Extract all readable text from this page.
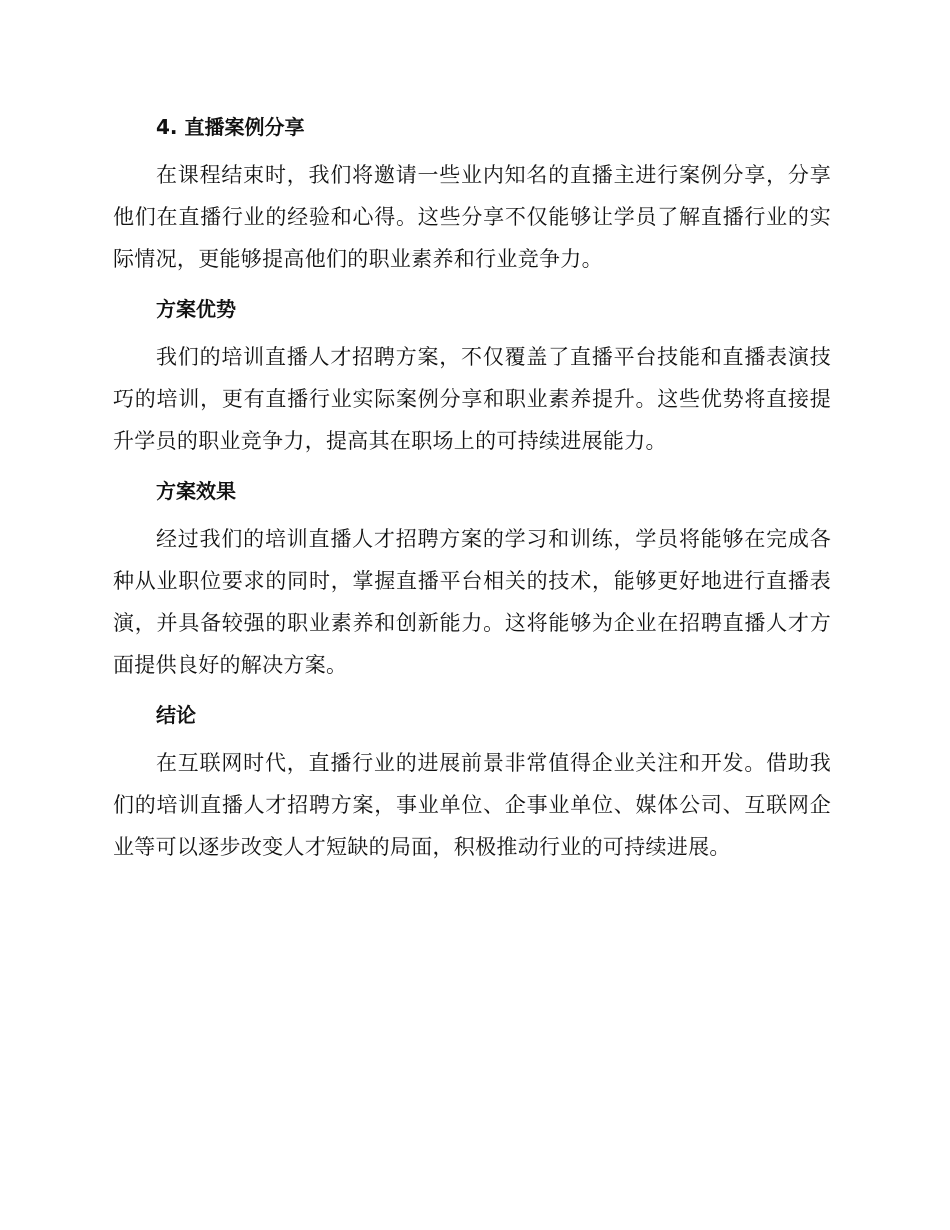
4. 直播案例分享

在课程结束时，我们将邀请一些业内知名的直播主进行案例分享，分享他们在直播行业的经验和心得。这些分享不仅能够让学员了解直播行业的实际情况，更能够提高他们的职业素养和行业竞争力。

方案优势

我们的培训直播人才招聘方案，不仅覆盖了直播平台技能和直播表演技巧的培训，更有直播行业实际案例分享和职业素养提升。这些优势将直接提升学员的职业竞争力，提高其在职场上的可持续进展能力。

方案效果

经过我们的培训直播人才招聘方案的学习和训练，学员将能够在完成各种从业职位要求的同时，掌握直播平台相关的技术，能够更好地进行直播表演，并具备较强的职业素养和创新能力。这将能够为企业在招聘直播人才方面提供良好的解决方案。

结论

在互联网时代，直播行业的进展前景非常值得企业关注和开发。借助我们的培训直播人才招聘方案，事业单位、企事业单位、媒体公司、互联网企业等可以逐步改变人才短缺的局面，积极推动行业的可持续进展。
